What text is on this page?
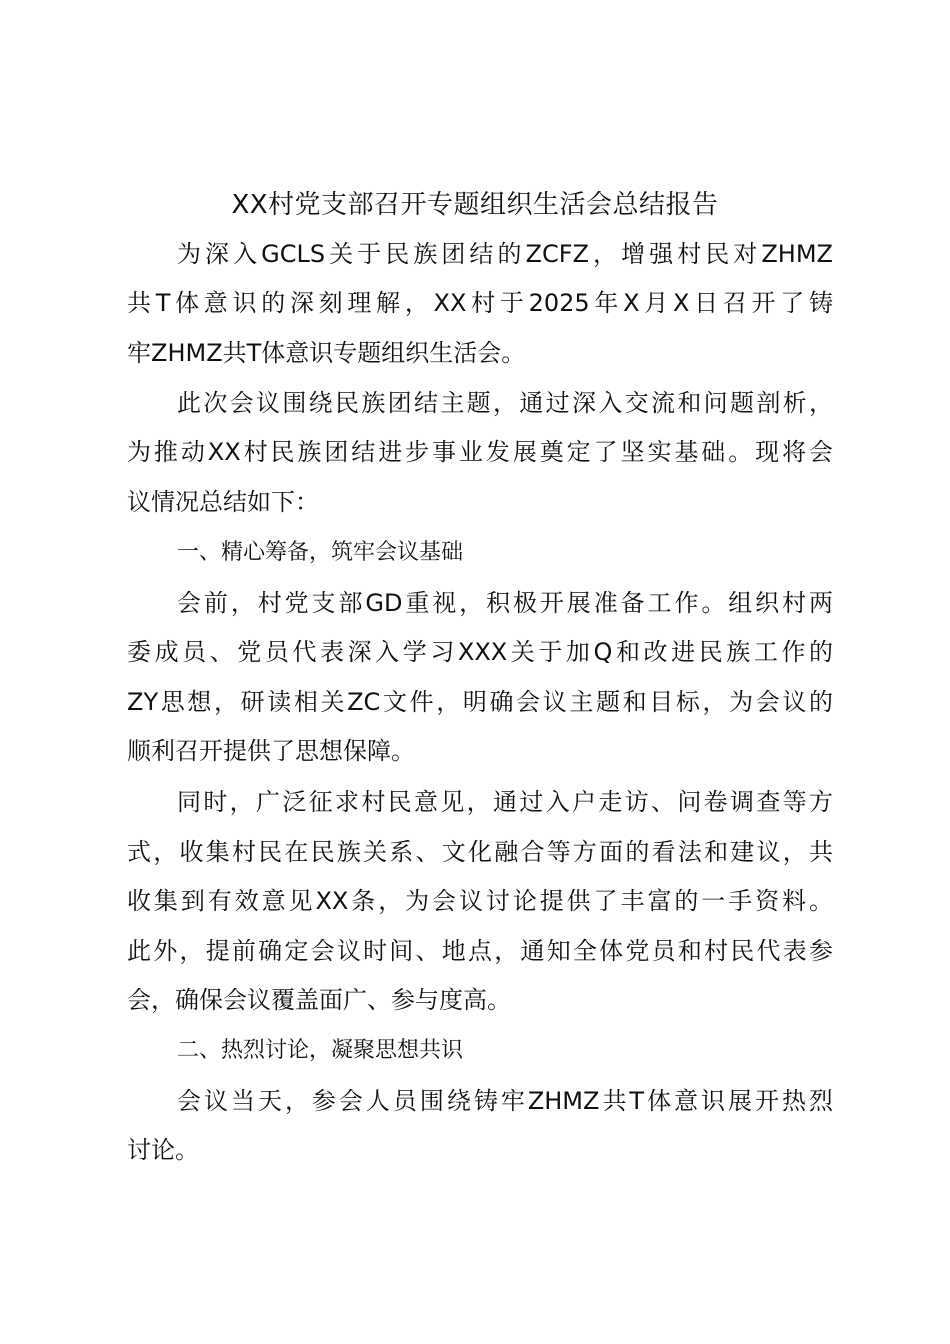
XX村党支部召开专题组织生活会总结报告
为深入GCLS关于民族团结的ZCFZ，增强村民对ZHMZ
共T体意识的深刻理解，XX村于2025年X月X日召开了铸
牢ZHMZ共T体意识专题组织生活会。
此次会议围绕民族团结主题，通过深入交流和问题剖析，
为推动XX村民族团结进步事业发展奠定了坚实基础。现将会
议情况总结如下：
一、精心筹备，筑牢会议基础
会前，村党支部GD重视，积极开展准备工作。组织村两
委成员、党员代表深入学习XXX关于加Q和改进民族工作的
ZY思想，研读相关ZC文件，明确会议主题和目标，为会议的
顺利召开提供了思想保障。
同时，广泛征求村民意见，通过入户走访、问卷调查等方
式，收集村民在民族关系、文化融合等方面的看法和建议，共
收集到有效意见XX条，为会议讨论提供了丰富的一手资料。
此外，提前确定会议时间、地点，通知全体党员和村民代表参
会，确保会议覆盖面广、参与度高。
二、热烈讨论，凝聚思想共识
会议当天，参会人员围绕铸牢ZHMZ共T体意识展开热烈
讨论。
